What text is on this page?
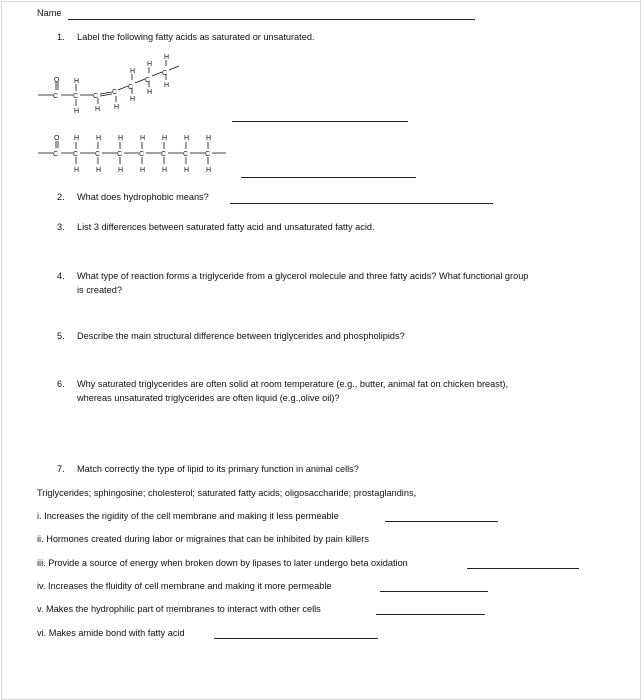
Name
1. Label the following fatty acids as saturated or unsaturated.
O
C
H
C
H
C
H
C
H
C
H
H
C
H
H
C
H
H
O
C
H
C
H
H
C
H
H
C
H
H
C
H
H
C
H
H
C
H
H
C
H
2. What does hydrophobic means?
3. List 3 differences between saturated fatty acid and unsaturated fatty acid.
4. What type of reaction forms a triglyceride from a glycerol molecule and three fatty acids? What functional group
is created?
5. Describe the main structural difference between triglycerides and phospholipids?
6. Why saturated triglycerides are often solid at room temperature (e.g., butter, animal fat on chicken breast),
whereas unsaturated triglycerides are often liquid (e.g.,olive oil)?
7. Match correctly the type of lipid to its primary function in animal cells?
Triglycerides; sphingosine; cholesterol; saturated fatty acids; oligosaccharide; prostaglandins,
i. Increases the rigidity of the cell membrane and making it less permeable
ii. Hormones created during labor or migraines that can be inhibited by pain killers
iii. Provide a source of energy when broken down by lipases to later undergo beta oxidation
iv. Increases the fluidity of cell membrane and making it more permeable
v. Makes the hydrophilic part of membranes to interact with other cells
vi. Makes amide bond with fatty acid
